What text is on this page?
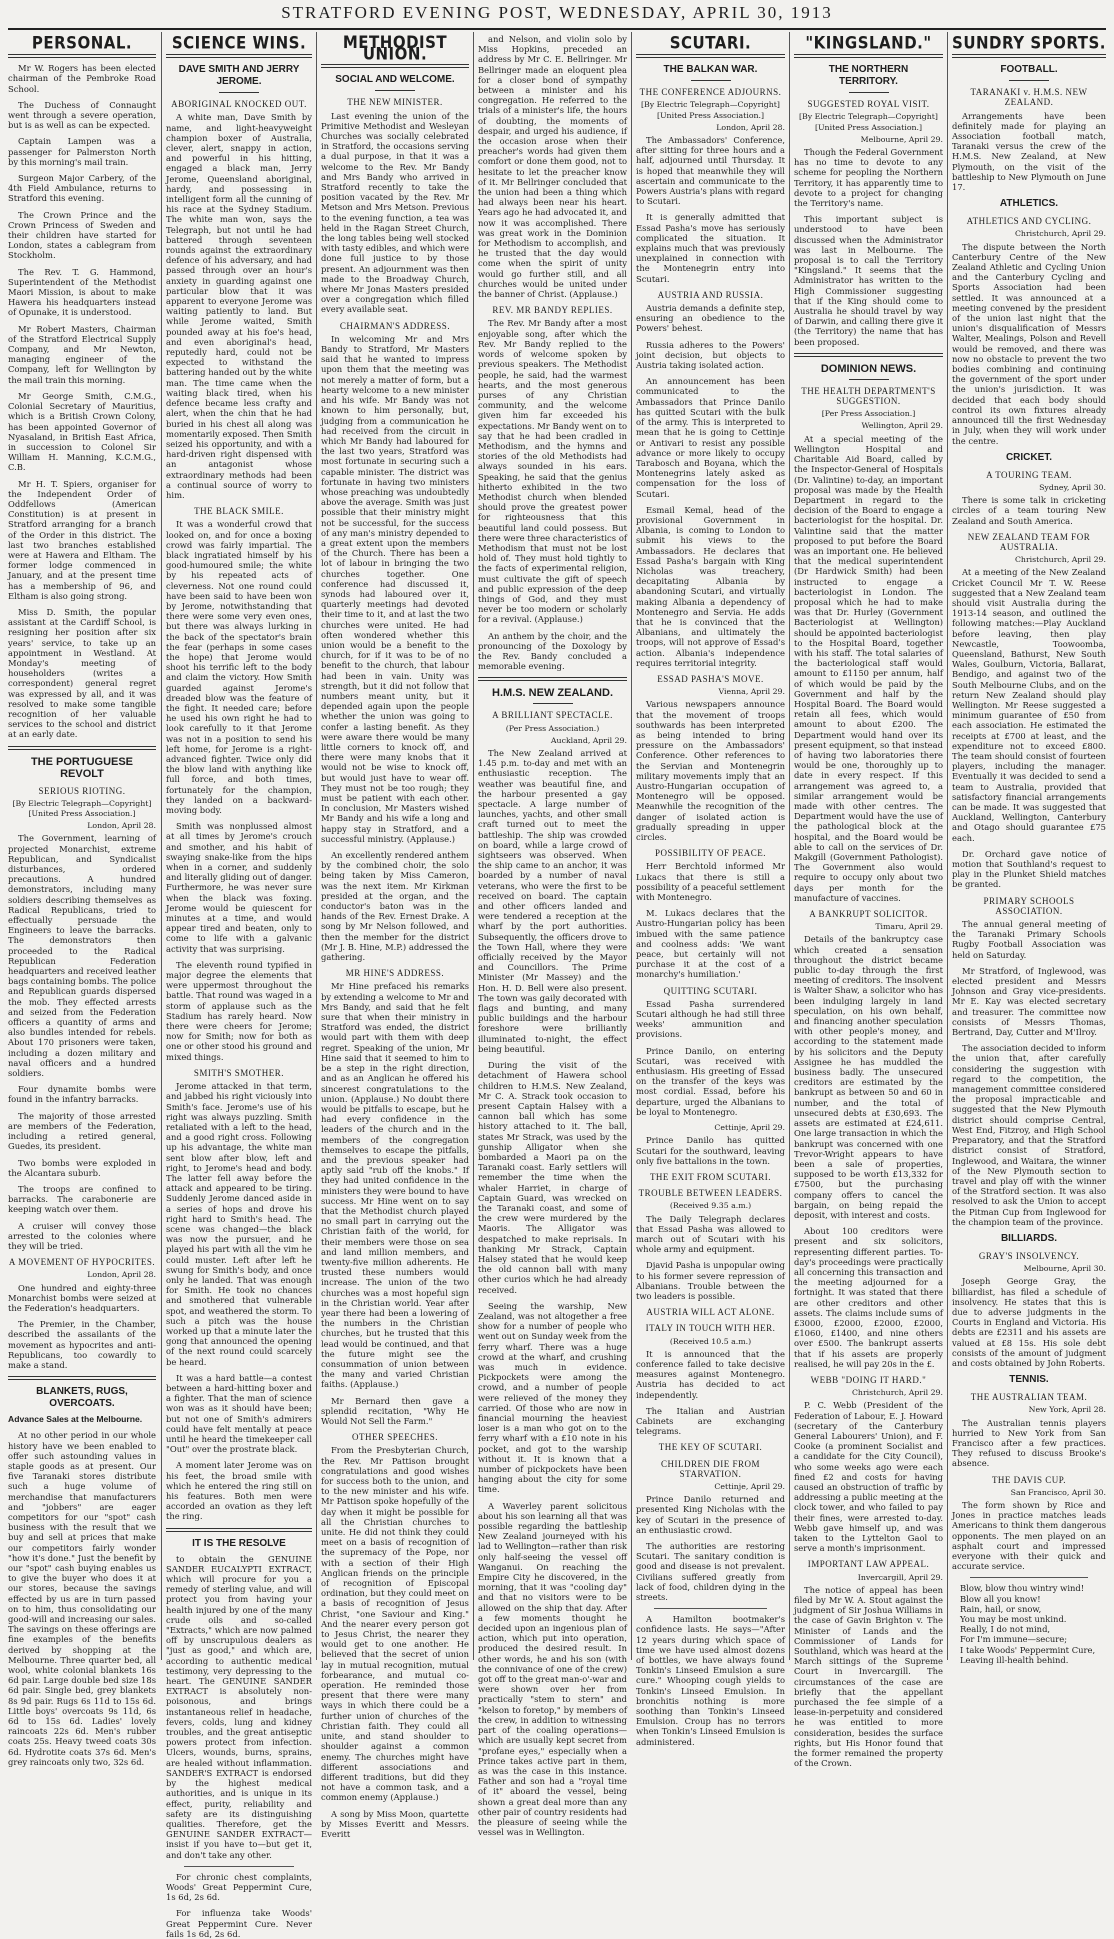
STRATFORD EVENING POST, WEDNESDAY, APRIL 30, 1913
PERSONAL.

Mr W. Rogers has been elected chairman of the Pembroke Road School.

The Duchess of Connaught went through a severe operation, but is as well as can be expected.

Captain Lampen was a passenger for Palmerston North by this morning's mail train.

Surgeon Major Carbery, of the 4th Field Ambulance, returns to Stratford this evening.

The Crown Prince and the Crown Princess of Sweden and their children have started for London, states a cablegram from Stockholm.

The Rev. T. G. Hammond, Superintendent of the Methodist Maori Mission, is about to make Hawera his headquarters instead of Opunake, it is understood.

Mr Robert Masters, Chairman of the Stratford Electrical Supply Company, and Mr Newton, managing engineer of the Company, left for Wellington by the mail train this morning.

Mr George Smith, C.M.G., Colonial Secretary of Mauritius, which is a British Crown Colony, has been appointed Governor of Nyasaland, in British East Africa, in succession to Colonel Sir William H. Manning, K.C.M.G., C.B.

Mr H. T. Spiers, organiser for the Independent Order of Oddfellows (American Constitution) is at present in Stratford arranging for a branch of the Order in this district. The last two branches established were at Hawera and Eltham. The former lodge commenced in January, and at the present time has a membership of 96, and Eltham is also going strong.

Miss D. Smith, the popular assistant at the Cardiff School, is resigning her position after six years' service, to take up an appointment in Westland. At Monday's meeting of householders (writes a correspondent) general regret was expressed by all, and it was resolved to make some tangible recognition of her valuable services to the school and district at an early date.

THE PORTUGUESE REVOLT
SERIOUS RIOTING.
[By Electric Telegraph—Copyright] [United Press Association.]
London, April 28.

The Government, learning of projected Monarchist, extreme Republican, and Syndicalist disturbances, ordered precautions. A hundred demonstrators, including many soldiers describing themselves as Radical Republicans, tried to effectually persuade the Engineers to leave the barracks. The demonstrators then proceeded to the Radical Republican Federation headquarters and received leather bags containing bombs. The police and Republican guards dispersed the mob. They effected arrests and seized from the Federation officers a quantity of arms and also bundles intended for rebels. About 170 prisoners were taken, including a dozen military and naval officers and a hundred soldiers.

Four dynamite bombs were found in the infantry barracks.

The majority of those arrested are members of the Federation, including a retired general, Guedes, its president.

Two bombs were exploded in the Alcantara suburb.

The troops are confined to barracks. The carabonerie are keeping watch over them.

A cruiser will convey those arrested to the colonies where they will be tried.

A MOVEMENT OF HYPOCRITES.
London, April 28.

One hundred and eighty-three Monarchist bombs were seized at the Federation's headquarters.

The Premier, in the Chamber, described the assailants of the movement as hypocrites and anti-Republicans, too cowardly to make a stand.

BLANKETS, RUGS, OVERCOATS.

Advance Sales at the Melbourne.

At no other period in our whole history have we been enabled to offer such astounding values in staple goods as at present. Our five Taranaki stores distribute such a huge volume of merchandise that manufacturers and "jobbers" are eager competitors for our "spot" cash business with the result that we buy and sell at prices that make our competitors fairly wonder "how it's done." Just the benefit by our "spot" cash buying enables us to give the buyer who does it at our stores, because the savings effected by us are in turn passed on to him, thus consolidating our good-will and increasing our sales. The savings on these offerings are fine examples of the benefits derived by shopping at the Melbourne. Three quarter bed, all wool, white colonial blankets 16s 6d pair. Large double bed size 18s 6d pair. Single bed, grey blankets 8s 9d pair. Rugs 6s 11d to 15s 6d. Little boys' overcoats 9s 11d, 6s 6d to 15s 6d. Ladies' lovely raincoats 22s 6d. Men's rubber coats 25s. Heavy tweed coats 30s 6d. Hydrotite coats 37s 6d. Men's grey raincoats only two, 32s 6d.

SCIENCE WINS.
DAVE SMITH AND JERRY JEROME.
ABORIGINAL KNOCKED OUT.

A white man, Dave Smith by name, and light-heavyweight champion boxer of Australia, clever, alert, snappy in action, and powerful in his hitting, engaged a black man, Jerry Jerome, Queensland aboriginal, hardy, and possessing in intelligent form all the cunning of his race at the Sydney Stadium. The white man won, says the Telegraph, but not until he had battered through seventeen rounds against the extraordinary defence of his adversary, and had passed through over an hour's anxiety in guarding against one particular blow that it was apparent to everyone Jerome was waiting patiently to land. But while Jerome waited, Smith pounded away at his foe's head, and even aboriginal's head, reputedly hard, could not be expected to withstand the battering handed out by the white man. The time came when the waiting black tired, when his defence became less crafty and alert, when the chin that he had buried in his chest all along was momentarily exposed. Then Smith seized his opportunity, and with a hard-driven right dispensed with an antagonist whose extraordinary methods had been a continual source of worry to him.

THE BLACK SMILE.

It was a wonderful crowd that looked on, and for once a boxing crowd was fairly impartial. The black ingratiated himself by his good-humoured smile; the white by his repeated acts of cleverness. Not one round could have been said to have been won by Jerome, notwithstanding that there were some very even ones, but there was always lurking in the back of the spectator's brain the fear (perhaps in some cases the hope) that Jerome would shoot his terrific left to the body and claim the victory. How Smith guarded against Jerome's dreaded blow was the feature of the fight. It needed care; before he used his own right he had to look carefully to it that Jerome was not in a position to send his left home, for Jerome is a right-advanced fighter. Twice only did the blow land with anything like full force, and both times, fortunately for the champion, they landed on a backward-moving body.

Smith was nonplussed almost at all times by Jerome's crouch and smother, and his habit of swaying snake-like from the hips when in a corner, and suddenly and literally gliding out of danger. Furthermore, he was never sure when the black was foxing. Jerome would be quiescent for minutes at a time, and would appear tired and beaten, only to come to life with a galvanic activity that was surprising.

The eleventh round typified in major degree the elements that were uppermost throughout the battle. That round was waged in a storm of applause such as the Stadium has rarely heard. Now there were cheers for Jerome; now for Smith; now for both as one or other stood his ground and mixed things.

SMITH'S SMOTHER.

Jerome attacked in that term, and jabbed his right viciously into Smith's face. Jerome's use of his right was always puzzling. Smith retaliated with a left to the head, and a good right cross. Following up his advantage, the white man sent blow after blow, left and right, to Jerome's head and body. The latter fell away before the attack and appeared to be tiring. Suddenly Jerome danced aside in a series of hops and drove his right hard to Smith's head. The scene was changed—the black was now the pursuer, and he played his part with all the vim he could muster. Left after left he swung for Smith's body, and once only he landed. That was enough for Smith. He took no chances and smothered that vulnerable spot, and weathered the storm. To such a pitch was the house worked up that a minute later the gong that announced the opening of the next round could scarcely be heard.

It was a hard battle—a contest between a hard-hitting boxer and a fighter. That the man of science won was as it should have been; but not one of Smith's admirers could have felt mentally at peace until he heard the timekeeper call "Out" over the prostrate black.

A moment later Jerome was on his feet, the broad smile with which he entered the ring still on his features. Both men were accorded an ovation as they left the ring.

IT IS THE RESOLVE

to obtain the GENUINE SANDER EUCALYPTI EXTRACT, which will procure for you a remedy of sterling value, and will protect you from having your health injured by one of the many crude oils and so-called "Extracts," which are now palmed off by unscrupulous dealers as "just as good," and which are, according to authentic medical testimony, very depressing to the heart. The GENUINE SANDER EXTRACT is absolutely non-poisonous, and brings instantaneous relief in headache, fevers, colds, lung and kidney troubles, and the great antiseptic powers protect from infection. Ulcers, wounds, burns, sprains, are healed without inflammation. SANDER'S EXTRACT is endorsed by the highest medical authorities, and is unique in its effect, purity, reliability and safety are its distinguishing qualities. Therefore, get the GENUINE SANDER EXTRACT—insist if you have to—but get it, and don't take any other.

For chronic chest complaints, Woods' Great Peppermint Cure, 1s 6d, 2s 6d.

For influenza take Woods' Great Peppermint Cure. Never fails 1s 6d, 2s 6d.

METHODIST UNION.
SOCIAL AND WELCOME.
THE NEW MINISTER.

Last evening the union of the Primitive Methodist and Wesleyan Churches was socially celebrated in Stratford, the occasions serving a dual purpose, in that it was a welcome to the Rev. Mr Bandy and Mrs Bandy who arrived in Stratford recently to take the position vacated by the Rev. Mr Metson and Mrs Metson. Previous to the evening function, a tea was held in the Ragan Street Church, the long tables being well stocked with tasty edibles, and which were done full justice to by those present. An adjournment was then made to the Broadway Church, where Mr Jonas Masters presided over a congregation which filled every available seat.

CHAIRMAN'S ADDRESS.

In welcoming Mr and Mrs Bandy to Stratford, Mr Masters said that he wanted to impress upon them that the meeting was not merely a matter of form, but a hearty welcome to a new minister and his wife. Mr Bandy was not known to him personally, but, judging from a communication he had received from the circuit in which Mr Bandy had laboured for the last two years, Stratford was most fortunate in securing such a capable minister. The district was fortunate in having two ministers whose preaching was undoubtedly above the average. Smith was just possible that their ministry might not be successful, for the success of any man's ministry depended to a great extent upon the members of the Church. There has been a lot of labour in bringing the two churches together. One conference had discussed it, synods had laboured over it, quarterly meetings had devoted their time to it, and at last the two churches were united. He had often wondered whether this union would be a benefit to the church, for if it was to be of no benefit to the church, that labour had been in vain. Unity was strength, but it did not follow that numbers meant unity, but it depended again upon the people whether the union was going to confer a lasting benefit. As they were aware there would be many little corners to knock off, and there were many knobs that it would not be wise to knock off, but would just have to wear off. They must not be too rough; they must be patient with each other. In conclusion, Mr Masters wished Mr Bandy and his wife a long and happy stay in Stratford, and a successful ministry. (Applause.)

An excellently rendered anthem by the combined choir, the solo being taken by Miss Cameron, was the next item. Mr Kirkman presided at the organ, and the conductor's baton was in the hands of the Rev. Ernest Drake. A song by Mr Nelson followed, and then the member for the district (Mr J. B. Hine, M.P.) addressed the gathering.

MR HINE'S ADDRESS.

Mr Hine prefaced his remarks by extending a welcome to Mr and Mrs Bandy, and said that he felt sure that when their ministry in Stratford was ended, the district would part with them with deep regret. Speaking of the union, Mr Hine said that it seemed to him to be a step in the right direction, and as an Anglican he offered his sincerest congratulations to the union. (Applause.) No doubt there would be pitfalls to escape, but he had every confidence in the leaders of the church and in the members of the congregation themselves to escape the pitfalls, and the previous speaker had aptly said "rub off the knobs." If they had united confidence in the ministers they were bound to have success. Mr Hine went on to say that the Methodist church played no small part in carrying out the Christian faith of the world, for their members were those on sea and land million members, and twenty-five million adherents. He trusted these numbers would increase. The union of the two churches was a most hopeful sign in the Christian world. Year after year there had been a lowering of the numbers in the Christian churches, but he trusted that this lead would be continued, and that the future might see the consummation of union between the many and varied Christian faiths. (Applause.)

Mr Bernard then gave a splendid recitation, "Why He Would Not Sell the Farm."

OTHER SPEECHES.

From the Presbyterian Church, the Rev. Mr Pattison brought congratulations and good wishes for success both to the union, and to the new minister and his wife. Mr Pattison spoke hopefully of the day when it might be possible for all the Christian churches to unite. He did not think they could meet on a basis of recognition of the supremacy of the Pope, nor with a section of their High Anglican friends on the principle of recognition of Episcopal ordination, but they could meet on a basis of recognition of Jesus Christ, "one Saviour and King." And the nearer every person got to Jesus Christ, the nearer they would get to one another. He believed that the secret of union lay in mutual recognition, mutual forbearance, and mutual co-operation. He reminded those present that there were many ways in which there could be a further union of churches of the Christian faith. They could all unite, and stand shoulder to shoulder against a common enemy. The churches might have different associations and different traditions, but did they not have a common task, and a common enemy (Applause.)

A song by Miss Moon, quartette by Misses Everitt and Messrs. Everitt

and Nelson, and violin solo by Miss Hopkins, preceded an address by Mr C. E. Bellringer. Mr Bellringer made an eloquent plea for a closer bond of sympathy between a minister and his congregation. He referred to the trials of a minister's life, the hours of doubting, the moments of despair, and urged his audience, if the occasion arose when their preacher's words had given them comfort or done them good, not to hesitate to let the preacher know of it. Mr Bellringer concluded that the union had been a thing which had always been near his heart. Years ago he had advocated it, and now it was accomplished. There was great work in the Dominion for Methodism to accomplish, and he trusted that the day would come when the spirit of unity would go further still, and all churches would be united under the banner of Christ. (Applause.)

REV. MR BANDY REPLIES.

The Rev. Mr Bandy after a most enjoyable song, after which the Rev. Mr Bandy replied to the words of welcome spoken by previous speakers. The Methodist people, he said, had the warmest hearts, and the most generous purses of any Christian community, and the welcome given him far exceeded his expectations. Mr Bandy went on to say that he had been cradled in Methodism, and the hymns and stories of the old Methodists had always sounded in his ears. Speaking, he said that the genius hitherto exhibited in the two Methodist church when blended should prove the greatest power for righteousness that this beautiful land could possess. But there were three characteristics of Methodism that must not be lost hold of. They must hold tightly to the facts of experimental religion, must cultivate the gift of speech and public expression of the deep things of God, and they must never be too modern or scholarly for a revival. (Applause.)

An anthem by the choir, and the pronouncing of the Doxology by the Rev. Bandy concluded a memorable evening.

H.M.S. NEW ZEALAND.
A BRILLIANT SPECTACLE.
(Per Press Association.)
Auckland, April 29.

The New Zealand arrived at 1.45 p.m. to-day and met with an enthusiastic reception. The weather was beautiful fine, and the harbour presented a gay spectacle. A large number of launches, yachts, and other small craft turned out to meet the battleship. The ship was crowded on board, while a large crowd of sightseers was observed. When the ship came to an anchor, it was boarded by a number of naval veterans, who were the first to be received on board. The captain and other officers landed and were tendered a reception at the wharf by the port authorities. Subsequently, the officers drove to the Town Hall, where they were officially received by the Mayor and Councillors. The Prime Minister (Mr Massey) and the Hon. H. D. Bell were also present. The town was gaily decorated with flags and bunting, and many public buildings and the harbour foreshore were brilliantly illuminated to-night, the effect being beautiful.

During the visit of the detachment of Hawera school children to H.M.S. New Zealand, Mr C. A. Strack took occasion to present Captain Halsey with a cannon ball which has some history attached to it. The ball, states Mr Strack, was used by the gunship Alligator when she bombarded a Maori pa on the Taranaki coast. Early settlers will remember the time when the whaler Harriet, in charge of Captain Guard, was wrecked on the Taranaki coast, and some of the crew were murdered by the Maoris. The Alligator was despatched to make reprisals. In thanking Mr Strack, Captain Halsey stated that he would keep the old cannon ball with many other curios which he had already received.

Seeing the warship, New Zealand, was not altogether a free show for a number of people who went out on Sunday week from the ferry wharf. There was a huge crowd at the wharf, and crushing was much in evidence. Pickpockets were among the crowd, and a number of people were relieved of the money they carried. Of those who are now in financial mourning the heaviest loser is a man who got on to the ferry wharf with a £10 note in his pocket, and got to the warship without it. It is known that a number of pickpockets have been hanging about the city for some time.

A Waverley parent solicitous about his son learning all that was possible regarding the battleship New Zealand journeyed with his lad to Wellington—rather than risk only half-seeing the vessel off Wanganui. On reaching the Empire City he discovered, in the morning, that it was "cooling day" and that no visitors were to be allowed on the ship that day. After a few moments thought he decided upon an ingenious plan of action, which put into operation, produced the desired result. In other words, he and his son (with the connivance of one of the crew) got off to the great man-o'-war and were shown over her from practically "stem to stern" and "kelson to foretop," by members of the crew, in addition to witnessing part of the coaling operations—which are usually kept secret from "profane eyes," especially when a Prince takes active part in them, as was the case in this instance. Father and son had a "royal time of it" aboard the vessel, being shown a great deal more than any other pair of country residents had the pleasure of seeing while the vessel was in Wellington.

SCUTARI.
THE BALKAN WAR.
THE CONFERENCE ADJOURNS.
[By Electric Telegraph—Copyright] [United Press Association.]
London, April 28.

The Ambassadors' Conference, after sitting for three hours and a half, adjourned until Thursday. It is hoped that meanwhile they will ascertain and communicate to the Powers Austria's plans with regard to Scutari.

It is generally admitted that Essad Pasha's move has seriously complicated the situation. It explains much that was previously unexplained in connection with the Montenegrin entry into Scutari.

AUSTRIA AND RUSSIA.

Austria demands a definite step, ensuring an obedience to the Powers' behest.

Russia adheres to the Powers' joint decision, but objects to Austria taking isolated action.

An announcement has been communicated to the Ambassadors that Prince Danilo has quitted Scutari with the bulk of the army. This is interpreted to mean that he is going to Cettinje or Antivari to resist any possible advance or more likely to occupy Tarabosch and Boyana, which the Montenegrins lately asked as compensation for the loss of Scutari.

Esmail Kemal, head of the provisional Government in Albania, is coming to London to submit his views to the Ambassadors. He declares that Essad Pasha's bargain with King Nicholas was treachery, decapitating Albania by abandoning Scutari, and virtually making Albania a dependency of Montenegro and Servia. He adds that he is convinced that the Albanians, and ultimately the troops, will not approve of Essad's action. Albania's independence requires territorial integrity.

ESSAD PASHA'S MOVE.
Vienna, April 29.

Various newspapers announce that the movement of troops southwards has been interpreted as being intended to bring pressure on the Ambassadors' Conference. Other references to the Servian and Montenegrin military movements imply that an Austro-Hungarian occupation of Montenegro will be opposed. Meanwhile the recognition of the danger of isolated action is gradually spreading in upper circles.

POSSIBILITY OF PEACE.

Herr Berchtold informed Mr Lukacs that there is still a possibility of a peaceful settlement with Montenegro.

M. Lukacs declares that the Austro-Hungarian policy has been imbued with the same patience and coolness adds: 'We want peace, but certainly will not purchase it at the cost of a monarchy's humiliation.'

QUITTING SCUTARI.

Essad Pasha surrendered Scutari although he had still three weeks' ammunition and provisions.

Prince Danilo, on entering Scutari, was received with enthusiasm. His greeting of Essad on the transfer of the keys was most cordial. Essad, before his departure, urged the Albanians to be loyal to Montenegro.

Cettinje, April 29.

Prince Danilo has quitted Scutari for the southward, leaving only five battalions in the town.

THE EXIT FROM SCUTARI.
TROUBLE BETWEEN LEADERS.
(Received 9.35 a.m.)

The Daily Telegraph declares that Essad Pasha was allowed to march out of Scutari with his whole army and equipment.

Djavid Pasha is unpopular owing to his former severe repression of Albanians. Trouble between the two leaders is possible.

AUSTRIA WILL ACT ALONE.
ITALY IN TOUCH WITH HER.
(Received 10.5 a.m.)

It is announced that the conference failed to take decisive measures against Montenegro. Austria has decided to act independently.

The Italian and Austrian Cabinets are exchanging telegrams.

THE KEY OF SCUTARI.
CHILDREN DIE FROM STARVATION.
Cettinje, April 29.

Prince Danilo returned and presented King Nicholas with the key of Scutari in the presence of an enthusiastic crowd.

The authorities are restoring Scutari. The sanitary condition is good and disease is not prevalent. Civilians suffered greatly from lack of food, children dying in the streets.

A Hamilton bootmaker's confidence lasts. He says—"After 12 years during which space of time we have used almost dozens of bottles, we have always found Tonkin's Linseed Emulsion a sure cure." Whooping cough yields to Tonkin's Linseed Emulsion. In bronchitis nothing is more soothing than Tonkin's Linseed Emulsion. Croup has no terrors when Tonkin's Linseed Emulsion is administered.

"KINGSLAND."
THE NORTHERN TERRITORY.
SUGGESTED ROYAL VISIT.
[By Electric Telegraph—Copyright] [United Press Association.]
Melbourne, April 29.

Though the Federal Government has no time to devote to any scheme for peopling the Northern Territory, it has apparently time to devote to a project for changing the Territory's name.

This important subject is understood to have been discussed when the Administrator was last in Melbourne. The proposal is to call the Territory "Kingsland." It seems that the Administrator has written to the High Commissioner suggesting that if the King should come to Australia he should travel by way of Darwin, and calling there give it (the Territory) the name that has been proposed.

DOMINION NEWS.
THE HEALTH DEPARTMENT'S SUGGESTION.
[Per Press Association.]
Wellington, April 29.

At a special meeting of the Wellington Hospital and Charitable Aid Board, called by the Inspector-General of Hospitals (Dr. Valintine) to-day, an important proposal was made by the Health Department in regard to the decision of the Board to engage a bacteriologist for the hospital. Dr. Valintine said that the matter proposed to put before the Board was an important one. He believed that the medical superintendent (Dr Hardwick Smith) had been instructed to engage a bacteriologist in London. The proposal which he had to make was that Dr. Hurley (Government Bacteriologist at Wellington) should be appointed bacteriologist to the Hospital Board, together with his staff. The total salaries of the bacteriological staff would amount to £1150 per annum, half of which would be paid by the Government and half by the Hospital Board. The Board would retain all fees, which would amount to about £200. The Department would hand over its present equipment, so that instead of having two laboratories there would be one, thoroughly up to date in every respect. If this arrangement was agreed to, a similar arrangement would be made with other centres. The Department would have the use of the pathological block at the hospital, and the Board would be able to call on the services of Dr. Makgill (Government Pathologist). The Government also would require to occupy only about two days per month for the manufacture of vaccines.

A BANKRUPT SOLICITOR.
Timaru, April 29.

Details of the bankruptcy case which created a sensation throughout the district became public to-day through the first meeting of creditors. The insolvent is Walter Shaw, a solicitor who has been indulging largely in land speculation, on his own behalf, and financing another speculation with other people's money, and according to the statement made by his solicitors and the Deputy Assignee he has muddled the business badly. The unsecured creditors are estimated by the bankrupt as between 50 and 60 in number, and the total of unsecured debts at £30,693. The assets are estimated at £24,611. One large transaction in which the bankrupt was concerned with one Trevor-Wright appears to have been a sale of properties, supposed to be worth £13,332 for £7500, but the purchasing company offers to cancel the bargain, on being repaid the deposit, with interest and costs.

About 100 creditors were present and six solicitors, representing different parties. To-day's proceedings were practically all concerning this transaction and the meeting adjourned for a fortnight. It was stated that there are other creditors and other assets. The claims include sums of £3000, £2000, £2000, £2000, £1060, £1400, and nine others over £500. The bankrupt asserts that if his assets are properly realised, he will pay 20s in the £.

WEBB "DOING IT HARD."
Christchurch, April 29.

P. C. Webb (President of the Federation of Labour, E. J. Howard (secretary of the Canterbury General Labourers' Union), and F. Cooke (a prominent Socialist and a candidate for the City Council), who some weeks ago were each fined £2 and costs for having caused an obstruction of traffic by addressing a public meeting at the clock tower, and who failed to pay their fines, were arrested to-day. Webb gave himself up, and was taken to the Lyttelton Gaol to serve a month's imprisonment.

IMPORTANT LAW APPEAL.
Invercargill, April 29.

The notice of appeal has been filed by Mr W. A. Stout against the judgment of Sir Joshua Williams in the case of Gavin Brighton v. The Minister of Lands and the Commissioner of Lands for Southland, which was heard at the March sittings of the Supreme Court in Invercargill. The circumstances of the case are briefly that the appellant purchased the fee simple of a lease-in-perpetuity and considered he was entitled to more consideration, besides the surface rights, but His Honor found that the former remained the property of the Crown.

SUNDRY SPORTS.
FOOTBALL.
TARANAKI v. H.M.S. NEW ZEALAND.

Arrangements have been definitely made for playing an Association football match, Taranaki versus the crew of the H.M.S. New Zealand, at New Plymouth, on the visit of the battleship to New Plymouth on June 17.

ATHLETICS.
ATHLETICS AND CYCLING.
Christchurch, April 29.

The dispute between the North Canterbury Centre of the New Zealand Athletic and Cycling Union and the Canterbury Cycling and Sports Association had been settled. It was announced at a meeting convened by the president of the union last night that the union's disqualification of Messrs Walter, Mealings, Polson and Revell would be removed, and there was now no obstacle to prevent the two bodies combining and continuing the government of the sport under the union's jurisdiction. It was decided that each body should control its own fixtures already announced till the first Wednesday in July, when they will work under the centre.

CRICKET.
A TOURING TEAM.
Sydney, April 30.

There is some talk in cricketing circles of a team touring New Zealand and South America.

NEW ZEALAND TEAM FOR AUSTRALIA.
Christchurch, April 29.

At a meeting of the New Zealand Cricket Council Mr T. W. Reese suggested that a New Zealand team should visit Australia during the 1913-14 season, and outlined the following matches:—Play Auckland before leaving, then play Newcastle, Toowoomba, Queensland, Bathurst, New South Wales, Goulburn, Victoria, Ballarat, Bendigo, and against two of the South Melbourne Clubs, and on the return New Zealand should play Wellington. Mr Reese suggested a minimum guarantee of £50 from each association. He estimated the receipts at £700 at least, and the expenditure not to exceed £800. The team should consist of fourteen players, including the manager. Eventually it was decided to send a team to Australia, provided that satisfactory financial arrangements can be made. It was suggested that Auckland, Wellington, Canterbury and Otago should guarantee £75 each.

Dr. Orchard gave notice of motion that Southland's request to play in the Plunket Shield matches be granted.

PRIMARY SCHOOLS ASSOCIATION.

The annual general meeting of the Taranaki Primary Schools Rugby Football Association was held on Saturday.

Mr Stratford, of Inglewood, was elected president and Messrs Johnson and Gray vice-presidents. Mr E. Kay was elected secretary and treasurer. The committee now consists of Messrs Thomas, Bertrand, Day, Cutter and M'Ilroy.

The association decided to inform the union that, after carefully considering the suggestion with regard to the competition, the management committee considered the proposal impracticable and suggested that the New Plymouth district should comprise Central, West End, Fitzroy, and High School Preparatory, and that the Stratford district consist of Stratford, Inglewood, and Waitara, the winner of the New Plymouth section to travel and play off with the winner of the Stratford section. It was also resolved to ask the Union to accept the Pitman Cup from Inglewood for the champion team of the province.

BILLIARDS.
GRAY'S INSOLVENCY.
Melbourne, April 30.

Joseph George Gray, the billiardist, has filed a schedule of insolvency. He states that this is due to adverse judgments in the Courts in England and Victoria. His debts are £2311 and his assets are valued at £8 15s. His sole debt consists of the amount of judgment and costs obtained by John Roberts.

TENNIS.
THE AUSTRALIAN TEAM.
New York, April 28.

The Australian tennis players hurried to New York from San Francisco after a few practices. They refused to discuss Brooke's absence.

THE DAVIS CUP.
San Francisco, April 30.

The form shown by Rice and Jones in practice matches leads Americans to think them dangerous opponents. The men played on an asphalt court and impressed everyone with their quick and accurate service.

Blow, blow thou wintry wind!

Blow all you know!

Rain, hail, or snow,

You may be most unkind.

Really, I do not mind,

For I'm immune—secure;

I take Woods' Peppermint Cure,

Leaving ill-health behind.
